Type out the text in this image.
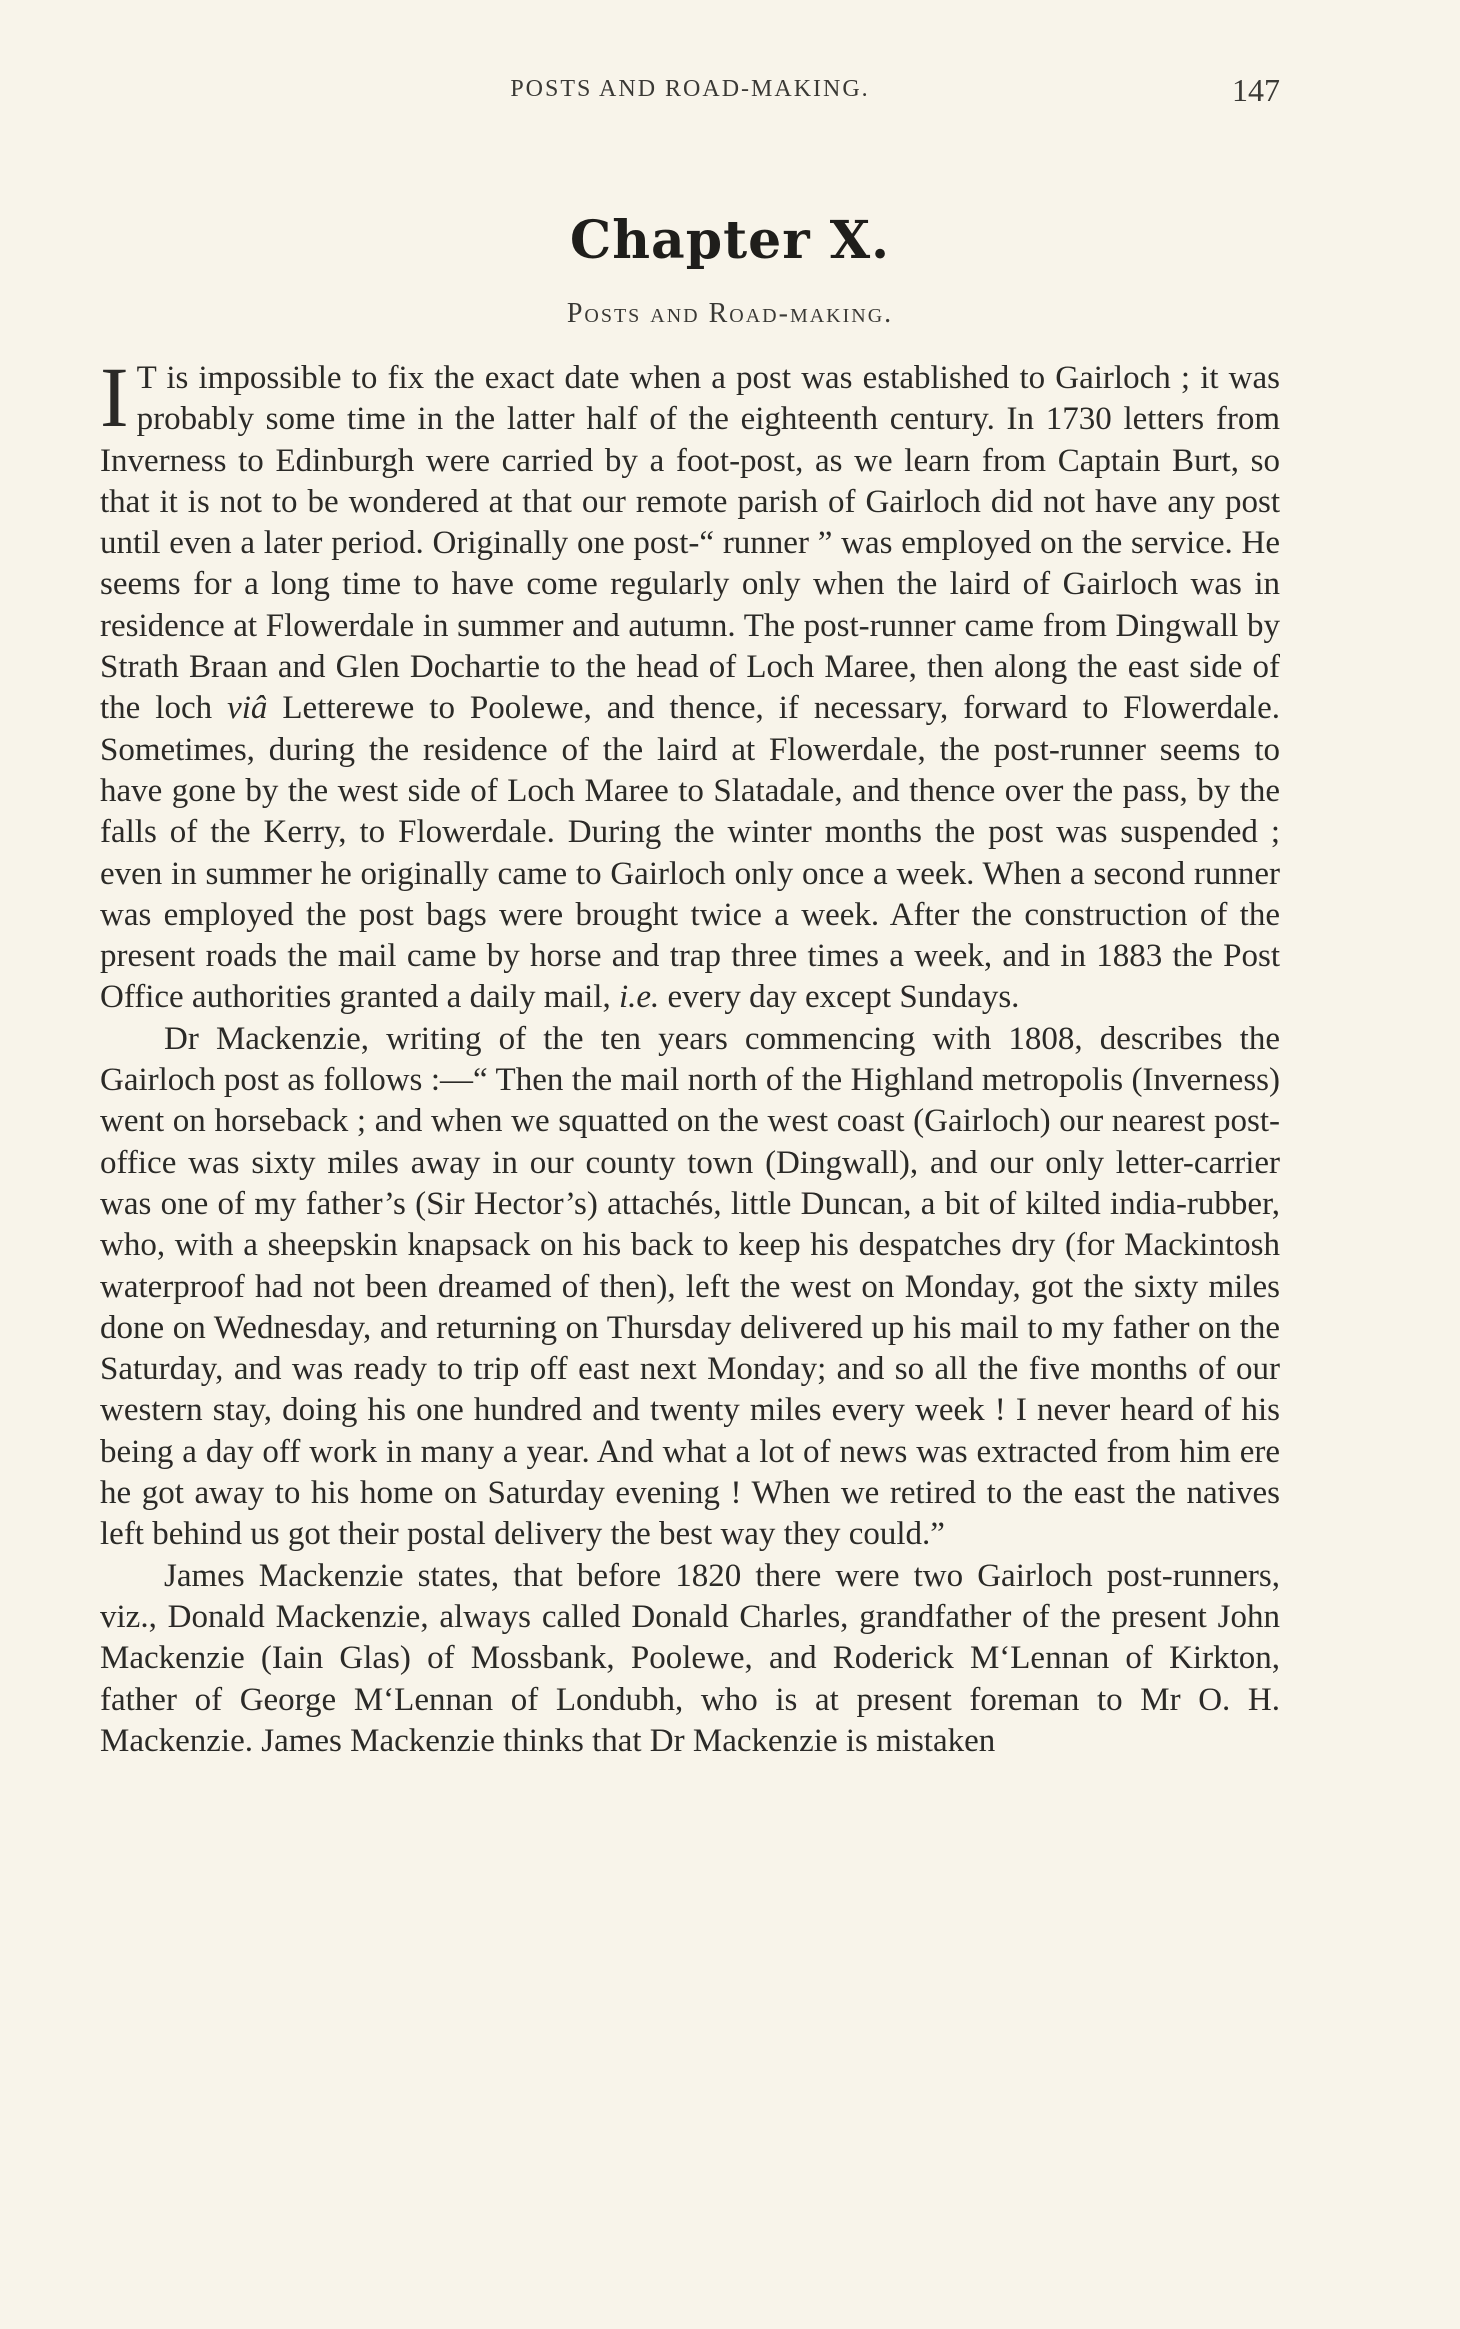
POSTS AND ROAD-MAKING.	147
Chapter X.
Posts and Road-making.

I T is impossible to fix the exact date when a post was established to Gairloch ; it was probably some time in the latter half of the eighteenth century. In 1730 letters from Inverness to Edinburgh were carried by a foot-post, as we learn from Captain Burt, so that it is not to be wondered at that our remote parish of Gairloch did not have any post until even a later period. Originally one post-“ runner ” was employed on the service. He seems for a long time to have come regularly only when the laird of Gairloch was in residence at Flowerdale in summer and autumn. The post-runner came from Dingwall by Strath Braan and Glen Dochartie to the head of Loch Maree, then along the east side of the loch viâ Letterewe to Poolewe, and thence, if necessary, forward to Flowerdale. Sometimes, during the residence of the laird at Flowerdale, the post-runner seems to have gone by the west side of Loch Maree to Slatadale, and thence over the pass, by the falls of the Kerry, to Flowerdale. During the winter months the post was suspended ; even in summer he originally came to Gairloch only once a week. When a second runner was employed the post bags were brought twice a week. After the construction of the present roads the mail came by horse and trap three times a week, and in 1883 the Post Office authorities granted a daily mail, i.e. every day except Sundays.

Dr Mackenzie, writing of the ten years commencing with 1808, describes the Gairloch post as follows :—“ Then the mail north of the Highland metropolis (Inverness) went on horseback ; and when we squatted on the west coast (Gairloch) our nearest post-office was sixty miles away in our county town (Dingwall), and our only letter-carrier was one of my father’s (Sir Hector’s) attachés, little Duncan, a bit of kilted india-rubber, who, with a sheepskin knapsack on his back to keep his despatches dry (for Mackintosh waterproof had not been dreamed of then), left the west on Monday, got the sixty miles done on Wednesday, and returning on Thursday delivered up his mail to my father on the Saturday, and was ready to trip off east next Monday; and so all the five months of our western stay, doing his one hundred and twenty miles every week ! I never heard of his being a day off work in many a year. And what a lot of news was extracted from him ere he got away to his home on Saturday evening ! When we retired to the east the natives left behind us got their postal delivery the best way they could.”

James Mackenzie states, that before 1820 there were two Gairloch post-runners, viz., Donald Mackenzie, always called Donald Charles, grandfather of the present John Mackenzie (Iain Glas) of Mossbank, Poolewe, and Roderick M‘Lennan of Kirkton, father of George M‘Lennan of Londubh, who is at present foreman to Mr O. H. Mackenzie. James Mackenzie thinks that Dr Mackenzie is mistaken
